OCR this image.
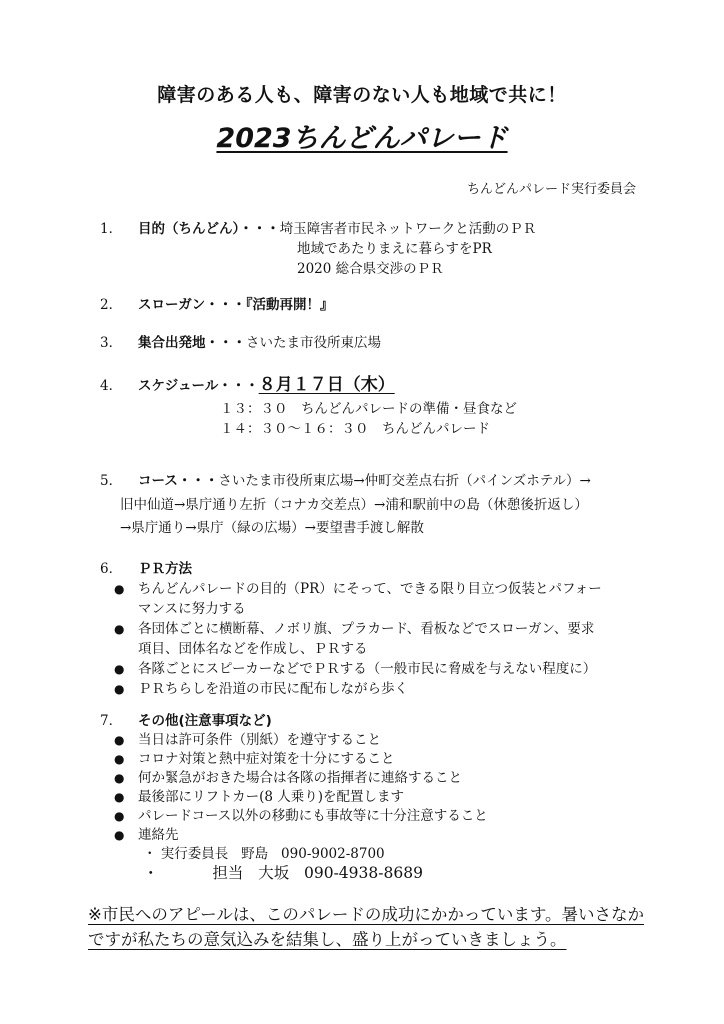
障害のある人も、障害のない人も地域で共に！
2023ちんどんパレード
ちんどんパレード実行委員会
1． 目的（ちんどん）・・・埼玉障害者市民ネットワークと活動のＰＲ
地域であたりまえに暮らすをPR
2020 総合県交渉のＰＲ
2． スローガン・・・『活動再開！』
3． 集合出発地・・・さいたま市役所東広場
4． スケジュール・・・８月１７日（木）
１３：３０　ちんどんパレードの準備・昼食など
１４：３０～１６：３０　ちんどんパレード
5． コース・・・さいたま市役所東広場→仲町交差点右折（パインズホテル）→
旧中仙道→県庁通り左折（コナカ交差点）→浦和駅前中の島（休憩後折返し）
→県庁通り→県庁（緑の広場）→要望書手渡し解散
6． ＰＲ方法
● ちんどんパレードの目的（PR）にそって、できる限り目立つ仮装とパフォー
マンスに努力する
● 各団体ごとに横断幕、ノボリ旗、プラカード、看板などでスローガン、要求
項目、団体名などを作成し、ＰＲする
● 各隊ごとにスピーカーなどでＰＲする（一般市民に脅威を与えない程度に）
● ＰＲちらしを沿道の市民に配布しながら歩く
7． その他(注意事項など)
● 当日は許可条件（別紙）を遵守すること
● コロナ対策と熱中症対策を十分にすること
● 何か緊急がおきた場合は各隊の指揮者に連絡すること
● 最後部にリフトカー(8 人乗り)を配置します
● パレードコース以外の移動にも事故等に十分注意すること
● 連絡先
・ 実行委員長 野島 090-9002-8700
・	担当 大坂 090-4938-8689
※市民へのアピールは、このパレードの成功にかかっています。暑いさなかですが私たちの意気込みを結集し、盛り上がっていきましょう。
